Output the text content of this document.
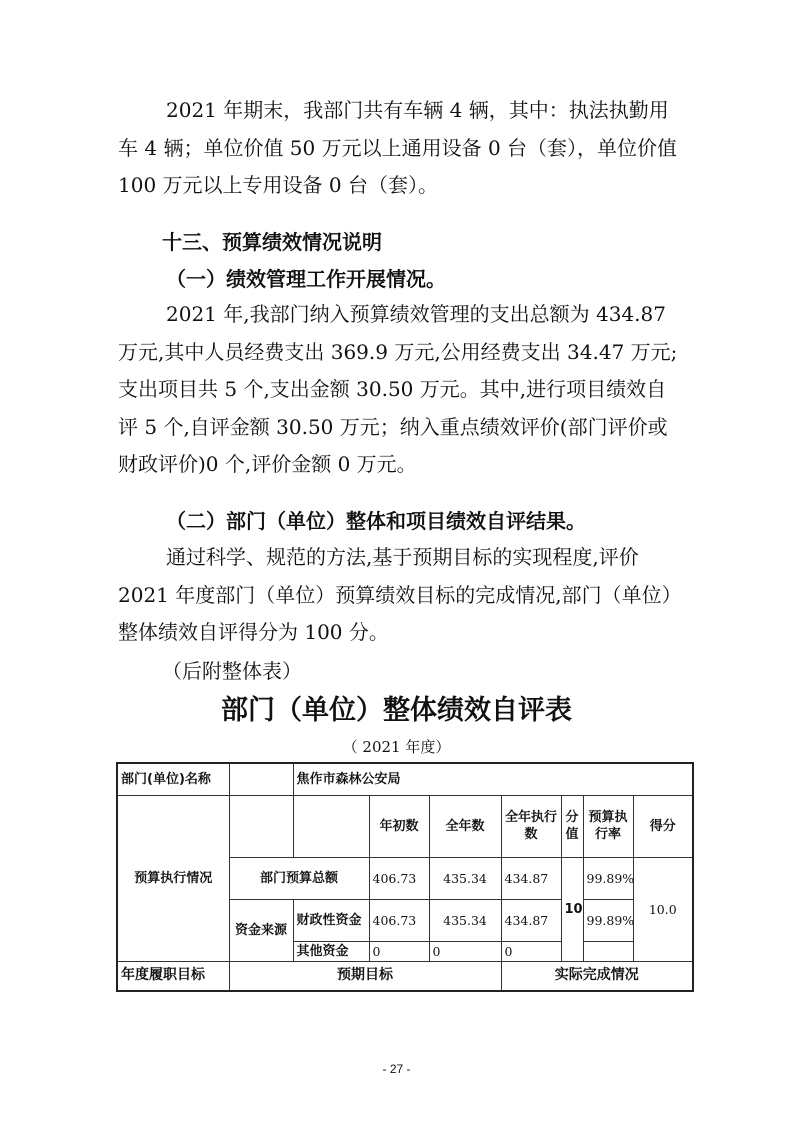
2021 年期末，我部门共有车辆 4 辆，其中：执法执勤用车 4 辆；单位价值 50 万元以上通用设备 0 台（套），单位价值 100 万元以上专用设备 0 台（套）。

十三、预算绩效情况说明

（一）绩效管理工作开展情况。

2021 年,我部门纳入预算绩效管理的支出总额为 434.87 万元,其中人员经费支出 369.9 万元,公用经费支出 34.47 万元;支出项目共 5 个,支出金额 30.50 万元。其中,进行项目绩效自评 5 个,自评金额 30.50 万元；纳入重点绩效评价(部门评价或财政评价)0 个,评价金额 0 万元。

（二）部门（单位）整体和项目绩效自评结果。

通过科学、规范的方法,基于预期目标的实现程度,评价 2021 年度部门（单位）预算绩效目标的完成情况,部门（单位）整体绩效自评得分为 100 分。

（后附整体表）

部门（单位）整体绩效自评表

（ 2021 年度）

部门(单位)名称		焦作市森林公安局						
预算执行情况			年初数	全年数	全年执行数	分值	预算执行率	得分
	部门预算总额		406.73	435.34	434.87	10	99.89%	10.0
	资金来源	财政性资金	406.73	435.34	434.87		99.89%	
		其他资金	0	0	0			
年度履职目标	预期目标				实际完成情况			

- 27 -
